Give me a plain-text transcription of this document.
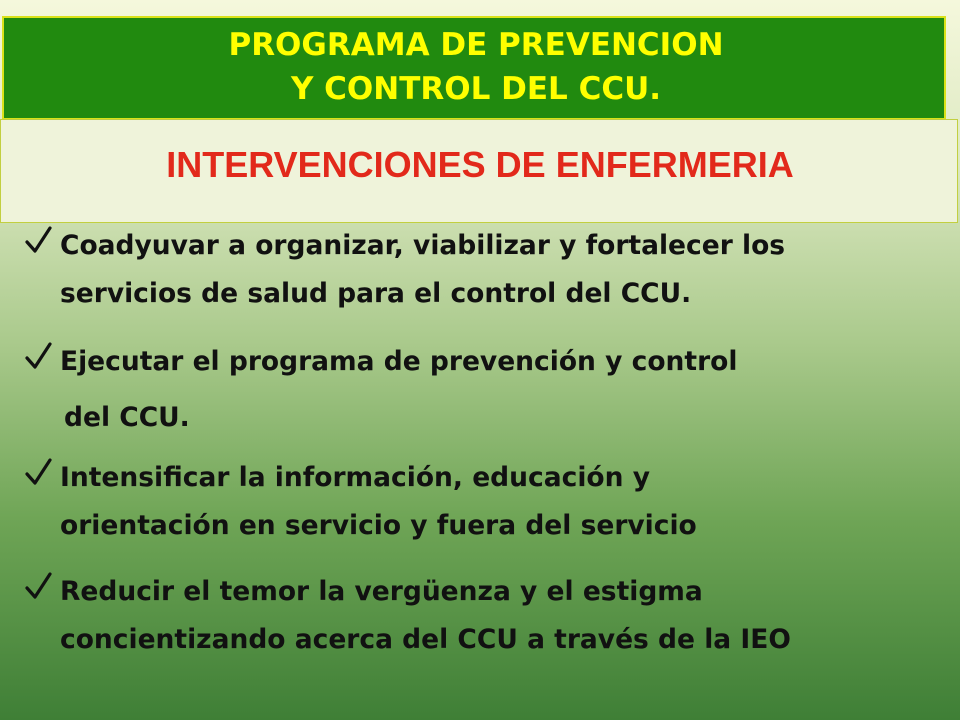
PROGRAMA DE PREVENCION
Y CONTROL DEL CCU.
INTERVENCIONES DE ENFERMERIA
Coadyuvar a organizar, viabilizar y fortalecer los
servicios de salud para el control del CCU.
Ejecutar el programa de prevención y control
del CCU.
Intensificar la información, educación y
orientación en servicio y fuera del servicio
Reducir el temor la vergüenza y el estigma
concientizando acerca del CCU a través de la IEO
